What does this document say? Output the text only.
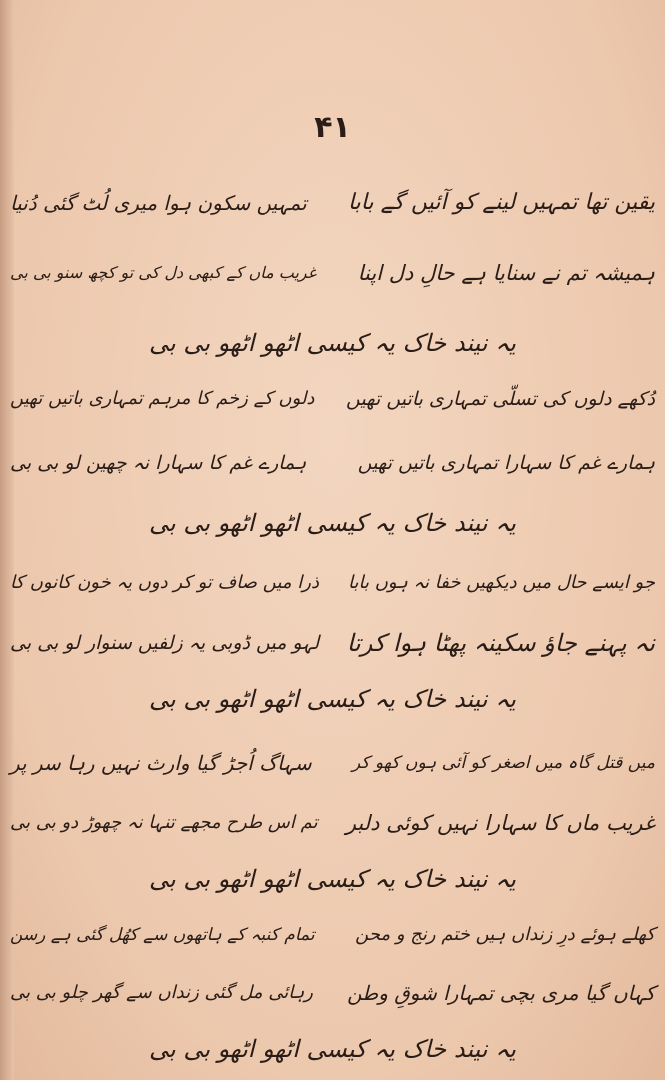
۴۱
یقین تھا تمہیں لینے کو آئیں گے بابا
تمہیں سکون ہوا میری لُٹ گئی دُنیا
ہمیشہ تم نے سنایا ہے حالِ دل اپنا
غریب ماں کے کبھی دل کی تو کچھ سنو بی بی
یہ نیند خاک یہ کیسی اٹھو اٹھو بی بی
دُکھے دلوں کی تسلّی تمہاری باتیں تھیں
دلوں کے زخم کا مرہم تمہاری باتیں تھیں
ہمارے غم کا سہارا تمہاری باتیں تھیں
ہمارے غم کا سہارا نہ چھین لو بی بی
یہ نیند خاک یہ کیسی اٹھو اٹھو بی بی
جو ایسے حال میں دیکھیں خفا نہ ہوں بابا
ذرا میں صاف تو کر دوں یہ خون کانوں کا
نہ پہنے جاؤ سکینہ پھٹا ہوا کرتا
لہو میں ڈوبی یہ زلفیں سنوار لو بی بی
یہ نیند خاک یہ کیسی اٹھو اٹھو بی بی
میں قتل گاہ میں اصغر کو آئی ہوں کھو کر
سہاگ اُجڑ گیا وارث نہیں رہا سر پر
غریب ماں کا سہارا نہیں کوئی دلبر
تم اس طرح مجھے تنہا نہ چھوڑ دو بی بی
یہ نیند خاک یہ کیسی اٹھو اٹھو بی بی
کھلے ہوئے درِ زنداں ہیں ختم رنج و محن
تمام کنبہ کے ہاتھوں سے کھُل گئی ہے رسن
کہاں گیا مری بچی تمہارا شوقِ وطن
رہائی مل گئی زنداں سے گھر چلو بی بی
یہ نیند خاک یہ کیسی اٹھو اٹھو بی بی
